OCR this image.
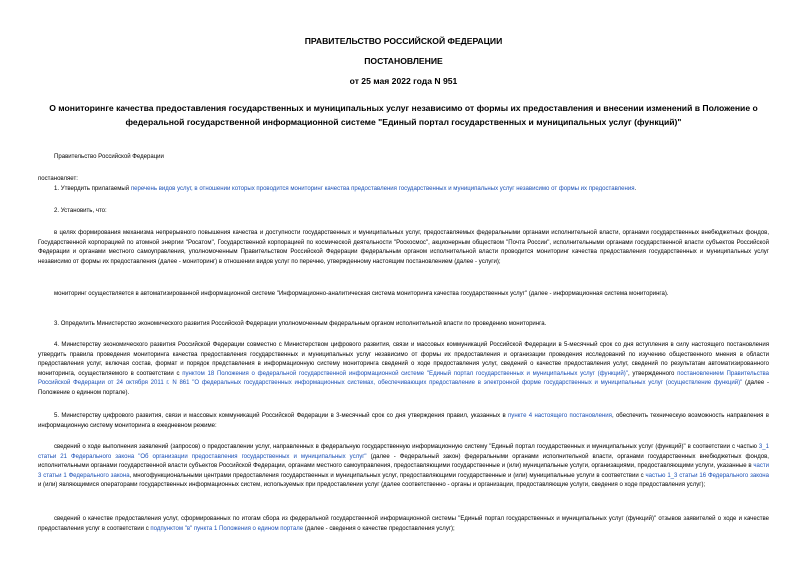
ПРАВИТЕЛЬСТВО РОССИЙСКОЙ ФЕДЕРАЦИИ

ПОСТАНОВЛЕНИЕ

от 25 мая 2022 года N 951

О мониторинге качества предоставления государственных и муниципальных услуг независимо от формы их предоставления и внесении изменений в Положение о федеральной государственной информационной системе "Единый портал государственных и муниципальных услуг (функций)"

Правительство Российской Федерации

постановляет:

1. Утвердить прилагаемый перечень видов услуг, в отношении которых проводится мониторинг качества предоставления государственных и муниципальных услуг независимо от формы их предоставления.

2. Установить, что:

в целях формирования механизма непрерывного повышения качества и доступности государственных и муниципальных услуг, предоставляемых федеральными органами исполнительной власти, органами государственных внебюджетных фондов, Государственной корпорацией по атомной энергии "Росатом", Государственной корпорацией по космической деятельности "Роскосмос", акционерным обществом "Почта России", исполнительными органами государственной власти субъектов Российской Федерации и органами местного самоуправления, уполномоченным Правительством Российской Федерации федеральным органом исполнительной власти проводится мониторинг качества предоставления государственных и муниципальных услуг независимо от формы их предоставления (далее - мониторинг) в отношении видов услуг по перечню, утвержденному настоящим постановлением (далее - услуги);

мониторинг осуществляется в автоматизированной информационной системе "Информационно-аналитическая система мониторинга качества государственных услуг" (далее - информационная система мониторинга).

3. Определить Министерство экономического развития Российской Федерации уполномоченным федеральным органом исполнительной власти по проведению мониторинга.

4. Министерству экономического развития Российской Федерации совместно с Министерством цифрового развития, связи и массовых коммуникаций Российской Федерации в 5-месячный срок со дня вступления в силу настоящего постановления утвердить правила проведения мониторинга качества предоставления государственных и муниципальных услуг независимо от формы их предоставления и организации проведения исследований по изучению общественного мнения в области предоставления услуг, включая состав, формат и порядок представления в информационную систему мониторинга сведений о ходе предоставления услуг, сведений о качестве предоставления услуг, сведений по результатам автоматизированного мониторинга, осуществляемого в соответствии с пунктом 18 Положения о федеральной государственной информационной системе "Единый портал государственных и муниципальных услуг (функций)", утвержденного постановлением Правительства Российской Федерации от 24 октября 2011 г. N 861 "О федеральных государственных информационных системах, обеспечивающих предоставление в электронной форме государственных и муниципальных услуг (осуществление функций)" (далее - Положение о единном портале).

5. Министерству цифрового развития, связи и массовых коммуникаций Российской Федерации в 3-месячный срок со дня утверждения правил, указанных в пункте 4 настоящего постановления, обеспечить техническую возможность направления в информационную систему мониторинга в ежедневном режиме:

сведений о ходе выполнения заявлений (запросов) о предоставлении услуг, направленных в федеральную государственную информационную систему "Единый портал государственных и муниципальных услуг (функций)" в соответствии с частью 3_1 статьи 21 Федерального закона "Об организации предоставления государственных и муниципальных услуг" (далее - Федеральный закон) федеральными органами исполнительной власти, органами государственных внебюджетных фондов, исполнительными органами государственной власти субъектов Российской Федерации, органами местного самоуправления, предоставляющими государственные и (или) муниципальные услуги, организациями, предоставляющими услуги, указанные в части 3 статьи 1 Федерального закона, многофункциональными центрами предоставления государственных и муниципальных услуг, предоставляющими государственные и (или) муниципальные услуги в соответствии с частью 1_3 статьи 16 Федерального закона и (или) являющимися операторами государственных информационных систем, используемых при предоставлении услуг (далее соответственно - органы и организации, предоставляющие услуги, сведения о ходе предоставления услуг);

сведений о качестве предоставления услуг, сформированных по итогам сбора из федеральной государственной информационной системы "Единый портал государственных и муниципальных услуг (функций)" отзывов заявителей о ходе и качестве предоставления услуг в соответствии с подпунктом "в" пункта 1 Положения о едином портале (далее - сведения о качестве предоставления услуг);
